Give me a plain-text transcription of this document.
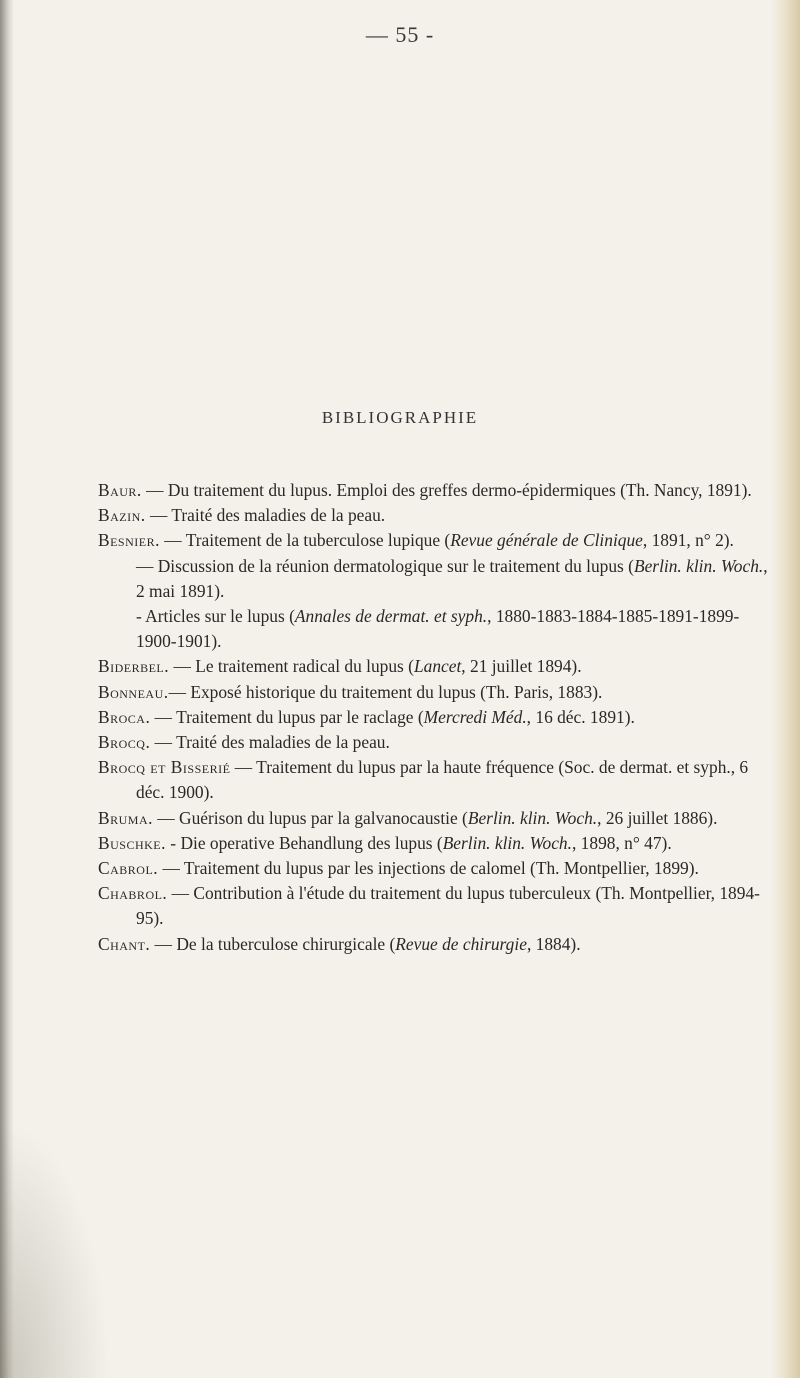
— 55 -
BIBLIOGRAPHIE

Baur. — Du traitement du lupus. Emploi des greffes dermo-épidermiques (Th. Nancy, 1891).

Bazin. — Traité des maladies de la peau.

Besnier. — Traitement de la tuberculose lupique (Revue générale de Clinique, 1891, n° 2).

— Discussion de la réunion dermatologique sur le traitement du lupus (Berlin. klin. Woch., 2 mai 1891).

- Articles sur le lupus (Annales de dermat. et syph., 1880-1883-1884-1885-1891-1899-1900-1901).

Biderbel. — Le traitement radical du lupus (Lancet, 21 juillet 1894).

Bonneau.— Exposé historique du traitement du lupus (Th. Paris, 1883).

Broca. — Traitement du lupus par le raclage (Mercredi Méd., 16 déc. 1891).

Brocq. — Traité des maladies de la peau.

Brocq et Bisserié — Traitement du lupus par la haute fréquence (Soc. de dermat. et syph., 6 déc. 1900).

Bruma. — Guérison du lupus par la galvanocaustie (Berlin. klin. Woch., 26 juillet 1886).

Buschke. - Die operative Behandlung des lupus (Berlin. klin. Woch., 1898, n° 47).

Cabrol. — Traitement du lupus par les injections de calomel (Th. Montpellier, 1899).

Chabrol. — Contribution à l'étude du traitement du lupus tuberculeux (Th. Montpellier, 1894-95).

Chant. — De la tuberculose chirurgicale (Revue de chirurgie, 1884).
